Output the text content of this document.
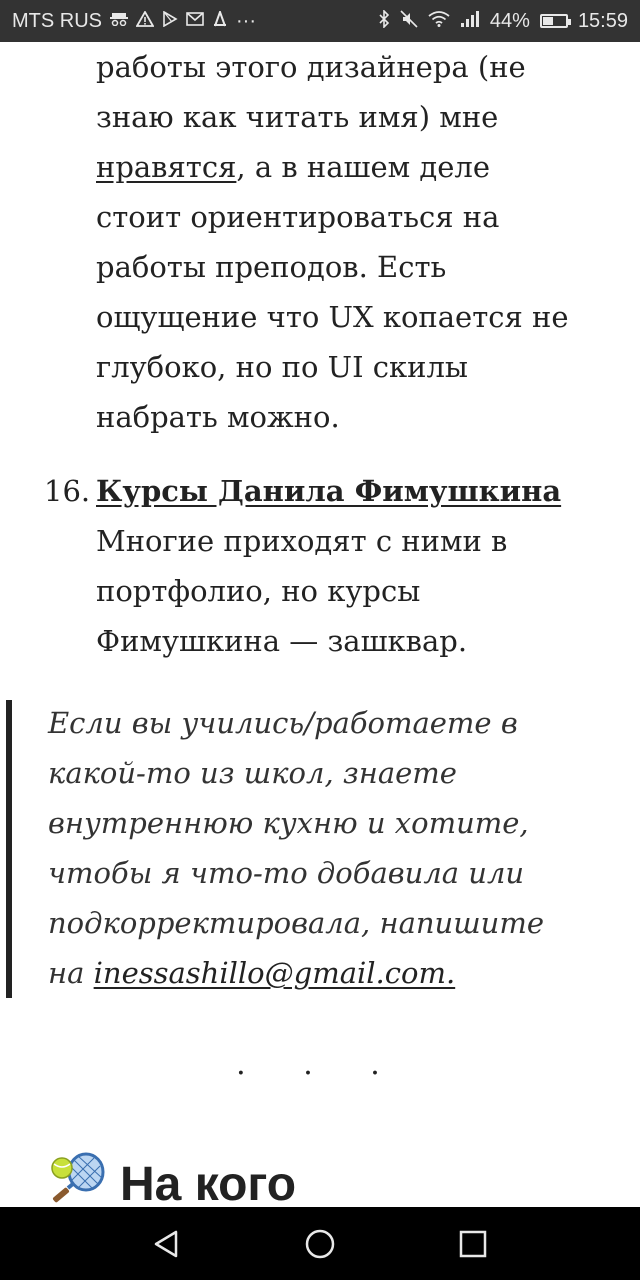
MTS RUS	···	44% 15:59
работы этого дизайнера (не
знаю как читать имя) мне
нравятся, а в нашем деле
стоит ориентироваться на
работы преподов. Есть
ощущение что UX копается не
глубоко, но по UI скилы
набрать можно.
16. Курсы Данила Фимушкина
Многие приходят с ними в
портфолио, но курсы
Фимушкина — зашквар.
Если вы учились/работаете в
какой-то из школ, знаете
внутреннюю кухню и хотите,
чтобы я что-то добавила или
подкорректировала, напишите
на inessashillo@gmail.com.
· · ·
На кого
